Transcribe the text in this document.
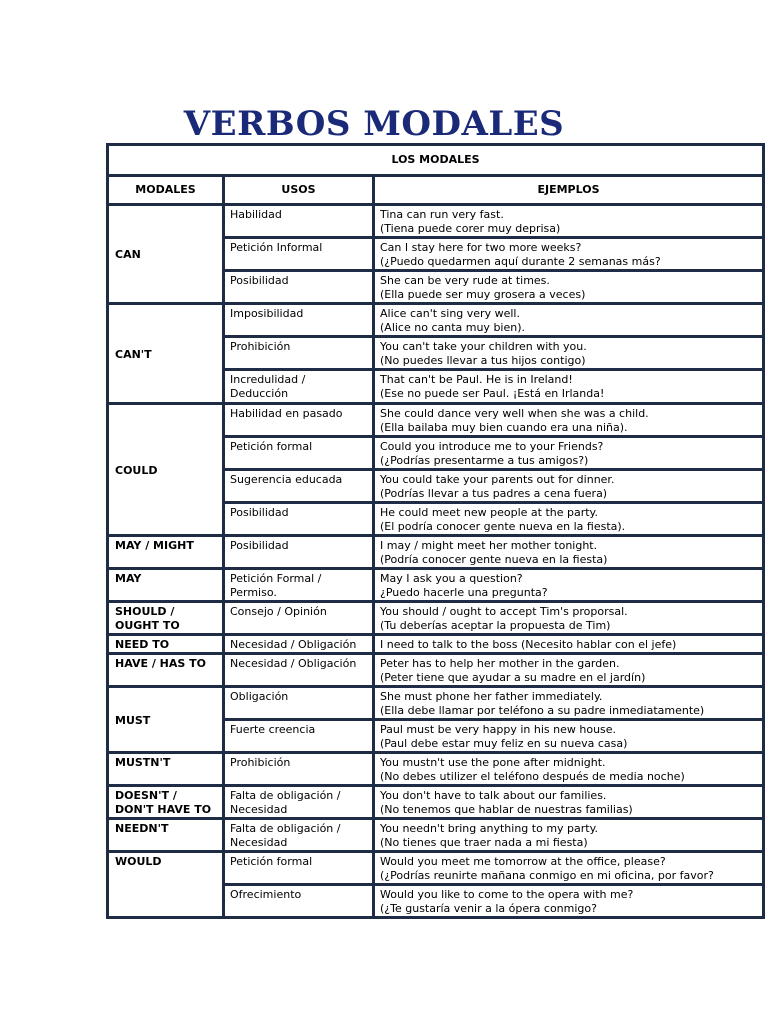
VERBOS MODALES
LOS MODALES		
MODALES	USOS	EJEMPLOS

CAN	Habilidad	Tina can run very fast.
(Tiena puede corer muy deprisa)

	Petición Informal	Can I stay here for two more weeks?
(¿Puedo quedarmen aquí durante 2 semanas más?

	Posibilidad	She can be very rude at times.
(Ella puede ser muy grosera a veces)

CAN'T	Imposibilidad	Alice can't sing very well.
(Alice no canta muy bien).

	Prohibición	You can't take your children with you.
(No puedes llevar a tus hijos contigo)

	Incredulidad /
Deducción	That can't be Paul. He is in Ireland!
(Ese no puede ser Paul. ¡Está en Irlanda!

COULD	Habilidad en pasado	She could dance very well when she was a child.
(Ella bailaba muy bien cuando era una niña).

	Petición formal	Could you introduce me to your Friends?
(¿Podrías presentarme a tus amigos?)

	Sugerencia educada	You could take your parents out for dinner.
(Podrías llevar a tus padres a cena fuera)

	Posibilidad	He could meet new people at the party.
(El podría conocer gente nueva en la fiesta).

MAY / MIGHT	Posibilidad	I may / might meet her mother tonight.
(Podría conocer gente nueva en la fiesta)

MAY	Petición Formal /
Permiso.	May I ask you a question?
¿Puedo hacerle una pregunta?

SHOULD /
OUGHT TO	Consejo / Opinión	You should / ought to accept Tim's proporsal.
(Tu deberías aceptar la propuesta de Tim)

NEED TO	Necesidad / Obligación	I need to talk to the boss (Necesito hablar con el jefe)

HAVE / HAS TO	Necesidad / Obligación	Peter has to help her mother in the garden.
(Peter tiene que ayudar a su madre en el jardín)

MUST	Obligación	She must phone her father immediately.
(Ella debe llamar por teléfono a su padre inmediatamente)

	Fuerte creencia	Paul must be very happy in his new house.
(Paul debe estar muy feliz en su nueva casa)

MUSTN'T	Prohibición	You mustn't use the pone after midnight.
(No debes utilizer el teléfono después de media noche)

DOESN'T /
DON'T HAVE TO	Falta de obligación /
Necesidad	You don't have to talk about our families.
(No tenemos que hablar de nuestras familias)

NEEDN'T	Falta de obligación /
Necesidad	You needn't bring anything to my party.
(No tienes que traer nada a mi fiesta)

WOULD	Petición formal	Would you meet me tomorrow at the office, please?
(¿Podrías reunirte mañana conmigo en mi oficina, por favor?

	Ofrecimiento	Would you like to come to the opera with me?
(¿Te gustaría venir a la ópera conmigo?
